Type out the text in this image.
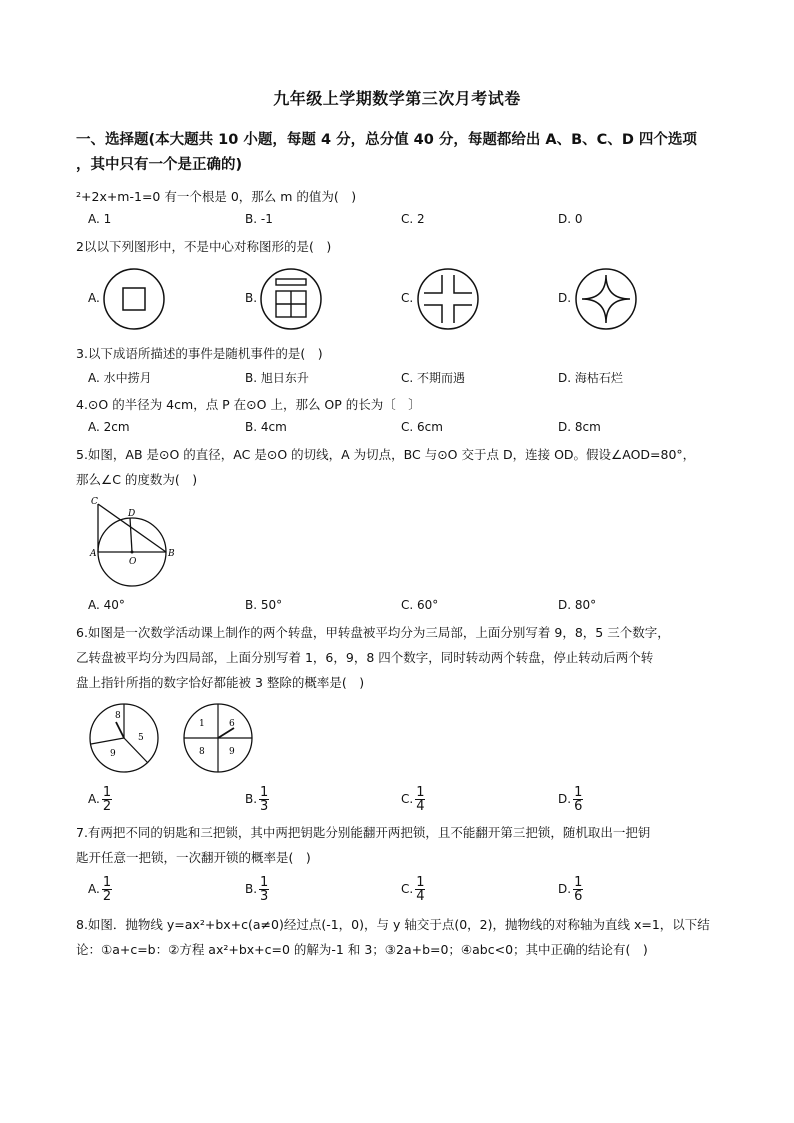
九年级上学期数学第三次月考试卷
一、选择题(本大题共 10 小题，每题 4 分，总分值 40 分，每题都给出 A、B、C、D 四个选项
，其中只有一个是正确的)
²+2x+m-1=0 有一个根是 0，那么 m 的值为(　)
A. 1	B. -1	C. 2	D. 0
2以以下列图形中，不是中心对称图形的是(　)
A.	B.	C.	D.
3.以下成语所描述的事件是随机事件的是(　)
A. 水中捞月	B. 旭日东升	C. 不期而遇	D. 海枯石烂
4.⊙O 的半径为 4cm，点 P 在⊙O 上，那么 OP 的长为〔　〕
A. 2cm	B. 4cm	C. 6cm	D. 8cm
5.如图，AB 是⊙O 的直径，AC 是⊙O 的切线，A 为切点，BC 与⊙O 交于点 D，连接 OD。假设∠AOD=80°，
那么∠C 的度数为(　)
C
D
A
O
B
A. 40°	B. 50°	C. 60°	D. 80°
6.如图是一次数学活动课上制作的两个转盘，甲转盘被平均分为三局部，上面分别写着 9，8，5 三个数字，
乙转盘被平均分为四局部，上面分别写着 1，6，9，8 四个数字，同时转动两个转盘，停止转动后两个转
盘上指针所指的数字恰好都能被 3 整除的概率是(　)
8
5
9
1	6
8	9
A. $\frac{1}{2}$	B. $\frac{1}{3}$	C. $\frac{1}{4}$	D. $\frac{1}{6}$
7.有两把不同的钥匙和三把锁，其中两把钥匙分别能翻开两把锁，且不能翻开第三把锁，随机取出一把钥
匙开任意一把锁，一次翻开锁的概率是(　)
A. $\frac{1}{2}$	B. $\frac{1}{3}$	C. $\frac{1}{4}$	D. $\frac{1}{6}$
8.如图．抛物线 y=ax²+bx+c(a≠0)经过点(-1，0)，与 y 轴交于点(0，2)，抛物线的对称轴为直线 x=1，以下结
论：①a+c=b：②方程 ax²+bx+c=0 的解为-1 和 3；③2a+b=0；④abc<0；其中正确的结论有(　)
